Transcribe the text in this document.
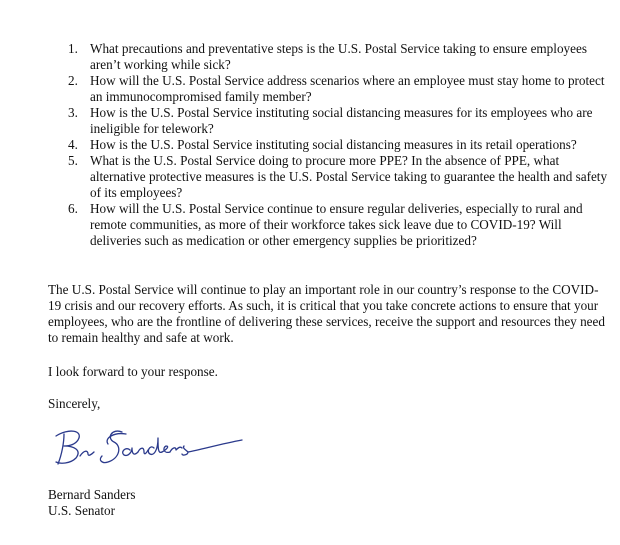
1. What precautions and preventative steps is the U.S. Postal Service taking to ensure employees aren’t working while sick?
2. How will the U.S. Postal Service address scenarios where an employee must stay home to protect an immunocompromised family member?
3. How is the U.S. Postal Service instituting social distancing measures for its employees who are ineligible for telework?
4. How is the U.S. Postal Service instituting social distancing measures in its retail operations?
5. What is the U.S. Postal Service doing to procure more PPE? In the absence of PPE, what alternative protective measures is the U.S. Postal Service taking to guarantee the health and safety of its employees?
6. How will the U.S. Postal Service continue to ensure regular deliveries, especially to rural and remote communities, as more of their workforce takes sick leave due to COVID-19? Will deliveries such as medication or other emergency supplies be prioritized?

The U.S. Postal Service will continue to play an important role in our country’s response to the COVID-19 crisis and our recovery efforts. As such, it is critical that you take concrete actions to ensure that your employees, who are the frontline of delivering these services, receive the support and resources they need to remain healthy and safe at work.

I look forward to your response.

Sincerely,

Bernard Sanders

U.S. Senator
